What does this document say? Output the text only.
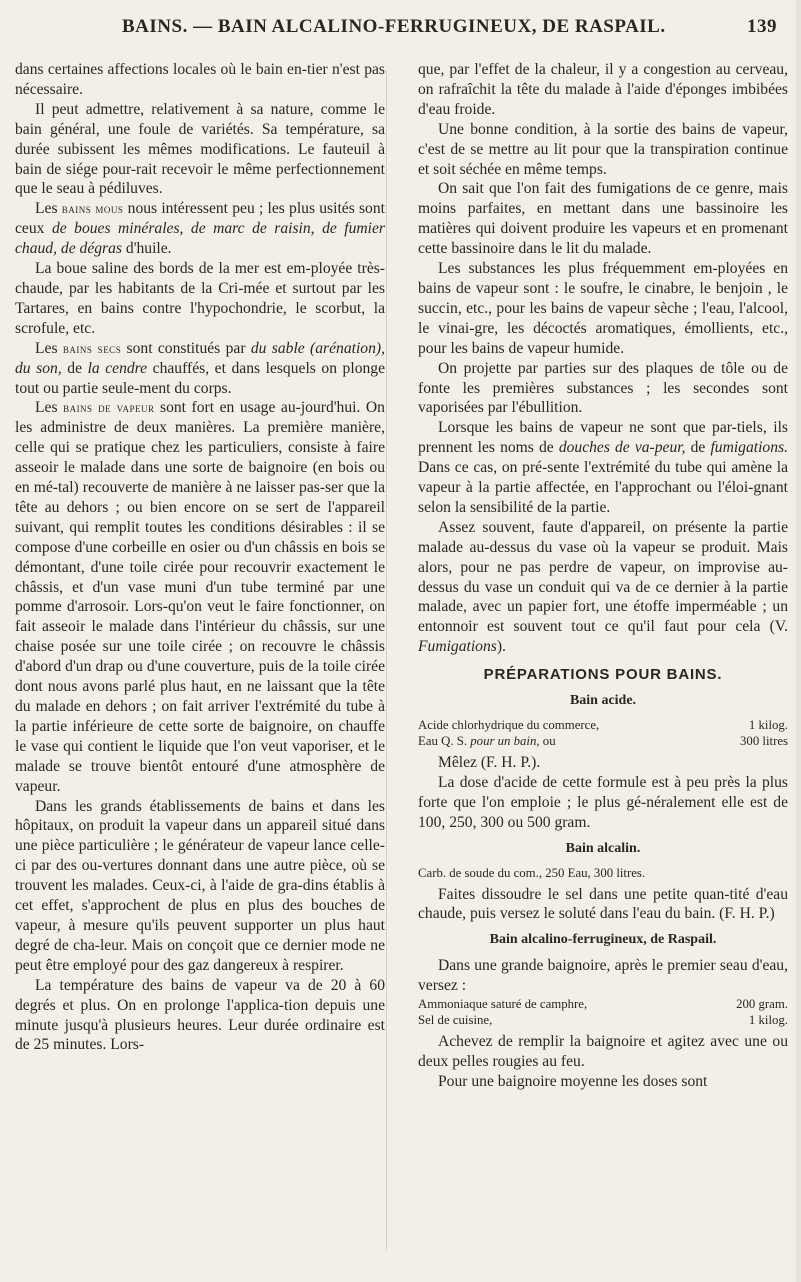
BAINS. — BAIN ALCALINO-FERRUGINEUX, DE RASPAIL.	139

dans certaines affections locales où le bain en-tier n'est pas nécessaire.

Il peut admettre, relativement à sa nature, comme le bain général, une foule de variétés. Sa température, sa durée subissent les mêmes modifications. Le fauteuil à bain de siége pour-rait recevoir le même perfectionnement que le seau à pédiluves.

Les bains mous nous intéressent peu ; les plus usités sont ceux de boues minérales, de marc de raisin, de fumier chaud, de dégras d'huile.

La boue saline des bords de la mer est em-ployée très-chaude, par les habitants de la Cri-mée et surtout par les Tartares, en bains contre l'hypochondrie, le scorbut, la scrofule, etc.

Les bains secs sont constitués par du sable (arénation), du son, de la cendre chauffés, et dans lesquels on plonge tout ou partie seule-ment du corps.

Les bains de vapeur sont fort en usage au-jourd'hui. On les administre de deux manières. La première manière, celle qui se pratique chez les particuliers, consiste à faire asseoir le malade dans une sorte de baignoire (en bois ou en mé-tal) recouverte de manière à ne laisser pas-ser que la tête au dehors ; ou bien encore on se sert de l'appareil suivant, qui remplit toutes les conditions désirables : il se compose d'une corbeille en osier ou d'un châssis en bois se démontant, d'une toile cirée pour recouvrir exactement le châssis, et d'un vase muni d'un tube terminé par une pomme d'arrosoir. Lors-qu'on veut le faire fonctionner, on fait asseoir le malade dans l'intérieur du châssis, sur une chaise posée sur une toile cirée ; on recouvre le châssis d'abord d'un drap ou d'une couverture, puis de la toile cirée dont nous avons parlé plus haut, en ne laissant que la tête du malade en dehors ; on fait arriver l'extrémité du tube à la partie inférieure de cette sorte de baignoire, on chauffe le vase qui contient le liquide que l'on veut vaporiser, et le malade se trouve bientôt entouré d'une atmosphère de vapeur.

Dans les grands établissements de bains et dans les hôpitaux, on produit la vapeur dans un appareil situé dans une pièce particulière ; le générateur de vapeur lance celle-ci par des ou-vertures donnant dans une autre pièce, où se trouvent les malades. Ceux-ci, à l'aide de gra-dins établis à cet effet, s'approchent de plus en plus des bouches de vapeur, à mesure qu'ils peuvent supporter un plus haut degré de cha-leur. Mais on conçoit que ce dernier mode ne peut être employé pour des gaz dangereux à respirer.

La température des bains de vapeur va de 20 à 60 degrés et plus. On en prolonge l'applica-tion depuis une minute jusqu'à plusieurs heures. Leur durée ordinaire est de 25 minutes. Lors-

que, par l'effet de la chaleur, il y a congestion au cerveau, on rafraîchit la tête du malade à l'aide d'éponges imbibées d'eau froide.

Une bonne condition, à la sortie des bains de vapeur, c'est de se mettre au lit pour que la transpiration continue et soit séchée en même temps.

On sait que l'on fait des fumigations de ce genre, mais moins parfaites, en mettant dans une bassinoire les matières qui doivent produire les vapeurs et en promenant cette bassinoire dans le lit du malade.

Les substances les plus fréquemment em-ployées en bains de vapeur sont : le soufre, le cinabre, le benjoin , le succin, etc., pour les bains de vapeur sèche ; l'eau, l'alcool, le vinai-gre, les décoctés aromatiques, émollients, etc., pour les bains de vapeur humide.

On projette par parties sur des plaques de tôle ou de fonte les premières substances ; les secondes sont vaporisées par l'ébullition.

Lorsque les bains de vapeur ne sont que par-tiels, ils prennent les noms de douches de va-peur, de fumigations. Dans ce cas, on pré-sente l'extrémité du tube qui amène la vapeur à la partie affectée, en l'approchant ou l'éloi-gnant selon la sensibilité de la partie.

Assez souvent, faute d'appareil, on présente la partie malade au-dessus du vase où la vapeur se produit. Mais alors, pour ne pas perdre de vapeur, on improvise au-dessus du vase un conduit qui va de ce dernier à la partie malade, avec un papier fort, une étoffe imperméable ; un entonnoir est souvent tout ce qu'il faut pour cela (V. Fumigations).

PRÉPARATIONS POUR BAINS.
Bain acide.
Acide chlorhydrique du commerce,	1 kilog.
Eau Q. S. pour un bain, ou	300 litres

Mêlez (F. H. P.).

La dose d'acide de cette formule est à peu près la plus forte que l'on emploie ; le plus gé-néralement elle est de 100, 250, 300 ou 500 gram.

Bain alcalin.
Carb. de soude du com., 250 Eau, 300 litres.

Faites dissoudre le sel dans une petite quan-tité d'eau chaude, puis versez le soluté dans l'eau du bain. (F. H. P.)

Bain alcalino-ferrugineux, de Raspail.

Dans une grande baignoire, après le premier seau d'eau, versez :

Ammoniaque saturé de camphre,	200 gram.
Sel de cuisine,	1 kilog.

Achevez de remplir la baignoire et agitez avec une ou deux pelles rougies au feu.

Pour une baignoire moyenne les doses sont
